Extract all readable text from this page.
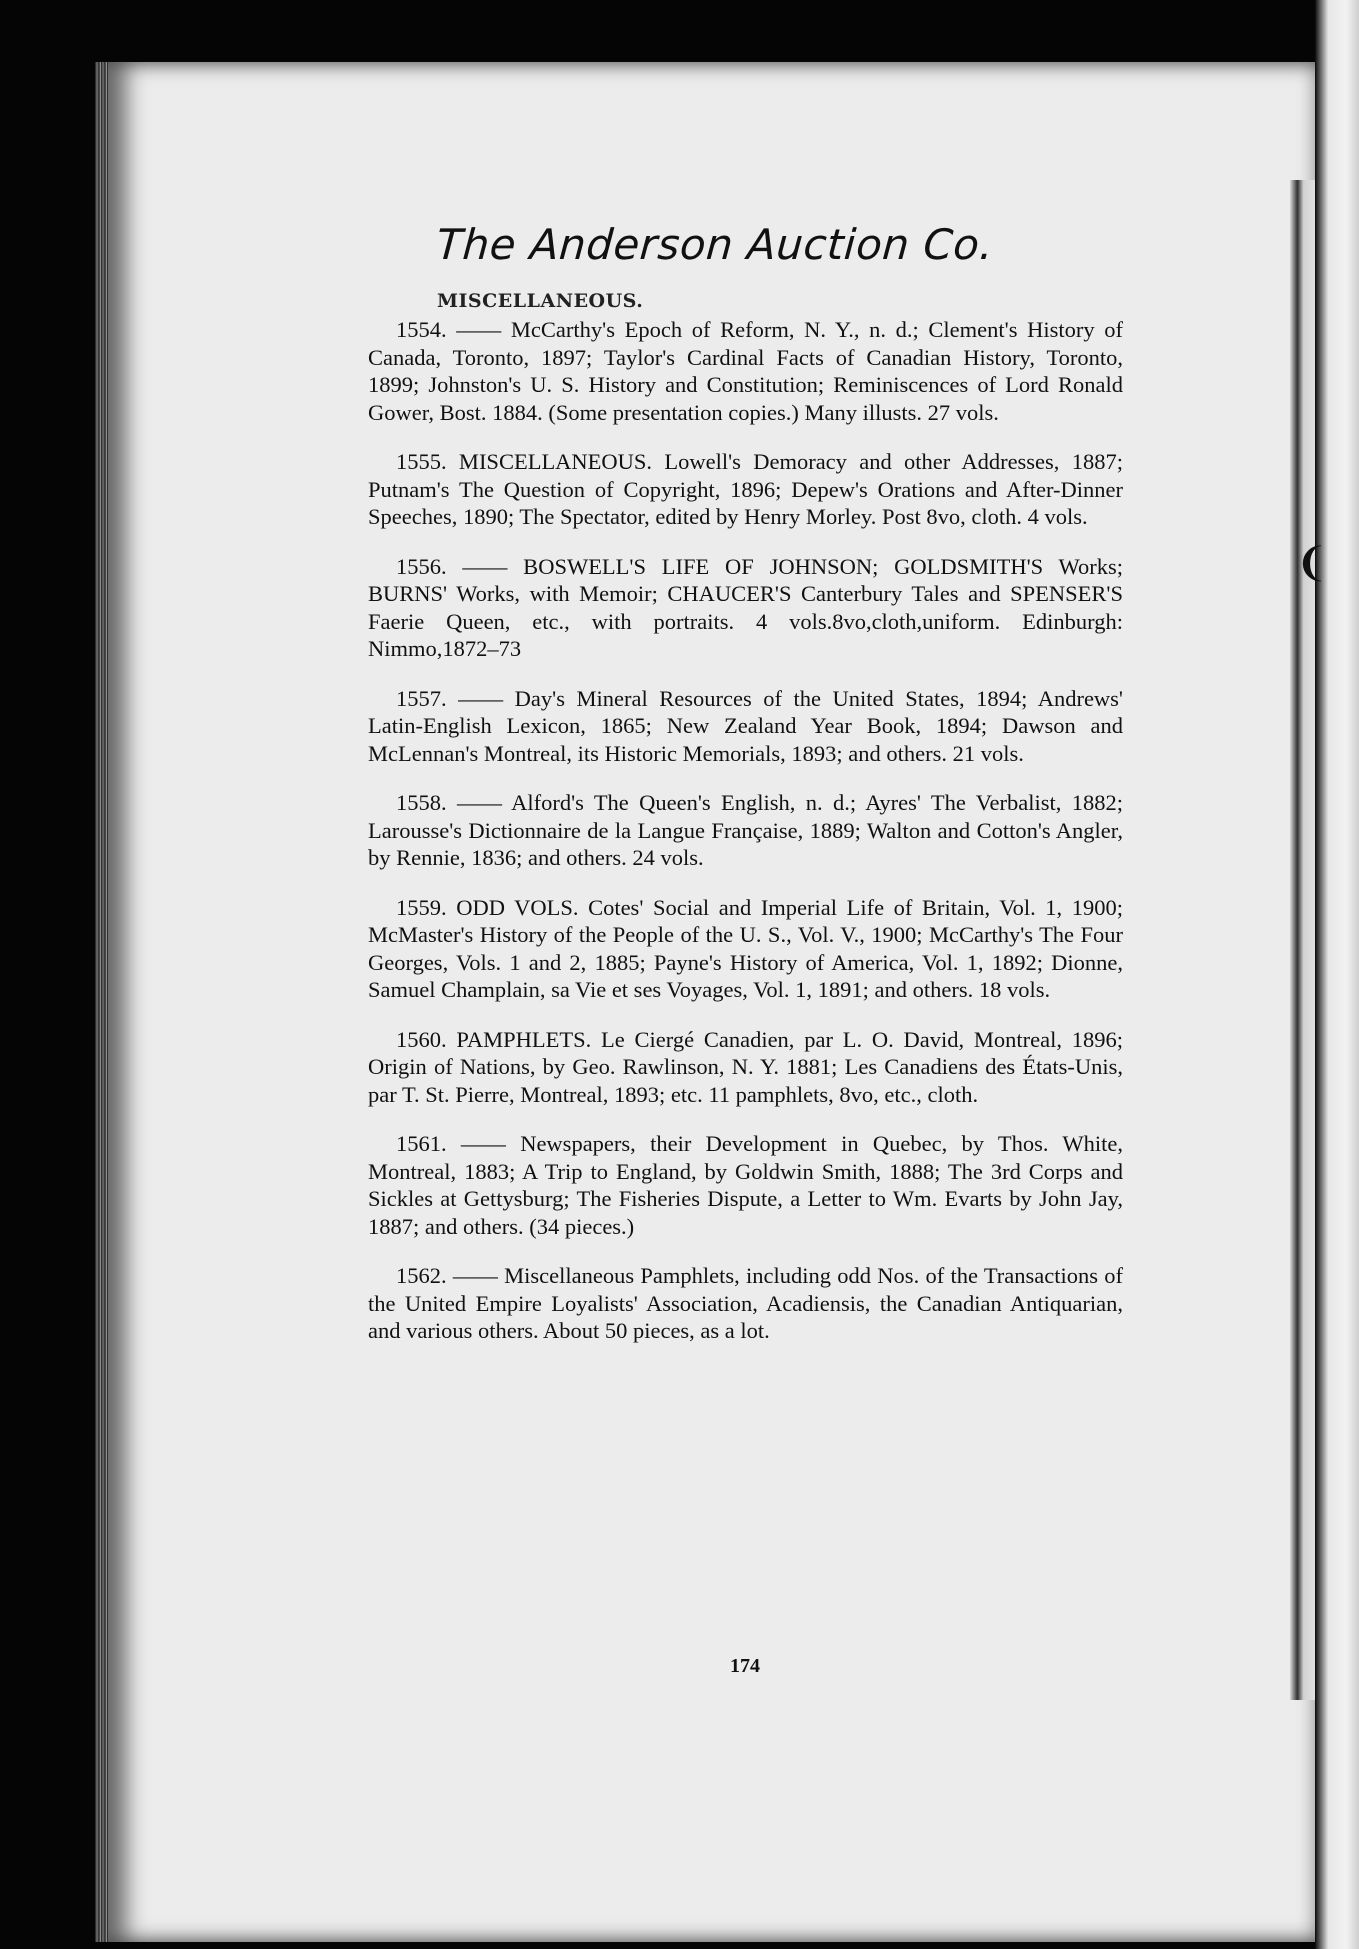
❨
The Anderson Auction Co.
MISCELLANEOUS.

1554. —— McCarthy's Epoch of Reform, N. Y., n. d.; Clement's History of Canada, Toronto, 1897; Taylor's Cardinal Facts of Canadian History, Toronto, 1899; Johnston's U. S. History and Constitution; Reminiscences of Lord Ronald Gower, Bost. 1884. (Some presentation copies.) Many illusts. 27 vols.

1555. MISCELLANEOUS. Lowell's Demoracy and other Addresses, 1887; Putnam's The Question of Copyright, 1896; Depew's Orations and After-Dinner Speeches, 1890; The Spectator, edited by Henry Morley. Post 8vo, cloth. 4 vols.

1556. —— BOSWELL'S LIFE OF JOHNSON; GOLDSMITH'S Works; BURNS' Works, with Memoir; CHAUCER'S Canterbury Tales and SPENSER'S Faerie Queen, etc., with portraits. 4 vols.8vo,cloth,uniform. Edinburgh: Nimmo,1872–73

1557. —— Day's Mineral Resources of the United States, 1894; Andrews' Latin-English Lexicon, 1865; New Zealand Year Book, 1894; Dawson and McLennan's Montreal, its Historic Memorials, 1893; and others. 21 vols.

1558. —— Alford's The Queen's English, n. d.; Ayres' The Verbalist, 1882; Larousse's Dictionnaire de la Langue Française, 1889; Walton and Cotton's Angler, by Rennie, 1836; and others. 24 vols.

1559. ODD VOLS. Cotes' Social and Imperial Life of Britain, Vol. 1, 1900; McMaster's History of the People of the U. S., Vol. V., 1900; McCarthy's The Four Georges, Vols. 1 and 2, 1885; Payne's History of America, Vol. 1, 1892; Dionne, Samuel Champlain, sa Vie et ses Voyages, Vol. 1, 1891; and others. 18 vols.

1560. PAMPHLETS. Le Ciergé Canadien, par L. O. David, Montreal, 1896; Origin of Nations, by Geo. Rawlinson, N. Y. 1881; Les Canadiens des États-Unis, par T. St. Pierre, Montreal, 1893; etc. 11 pamphlets, 8vo, etc., cloth.

1561. —— Newspapers, their Development in Quebec, by Thos. White, Montreal, 1883; A Trip to England, by Goldwin Smith, 1888; The 3rd Corps and Sickles at Gettysburg; The Fisheries Dispute, a Letter to Wm. Evarts by John Jay, 1887; and others. (34 pieces.)

1562. —— Miscellaneous Pamphlets, including odd Nos. of the Transactions of the United Empire Loyalists' Association, Acadiensis, the Canadian Antiquarian, and various others. About 50 pieces, as a lot.

174
